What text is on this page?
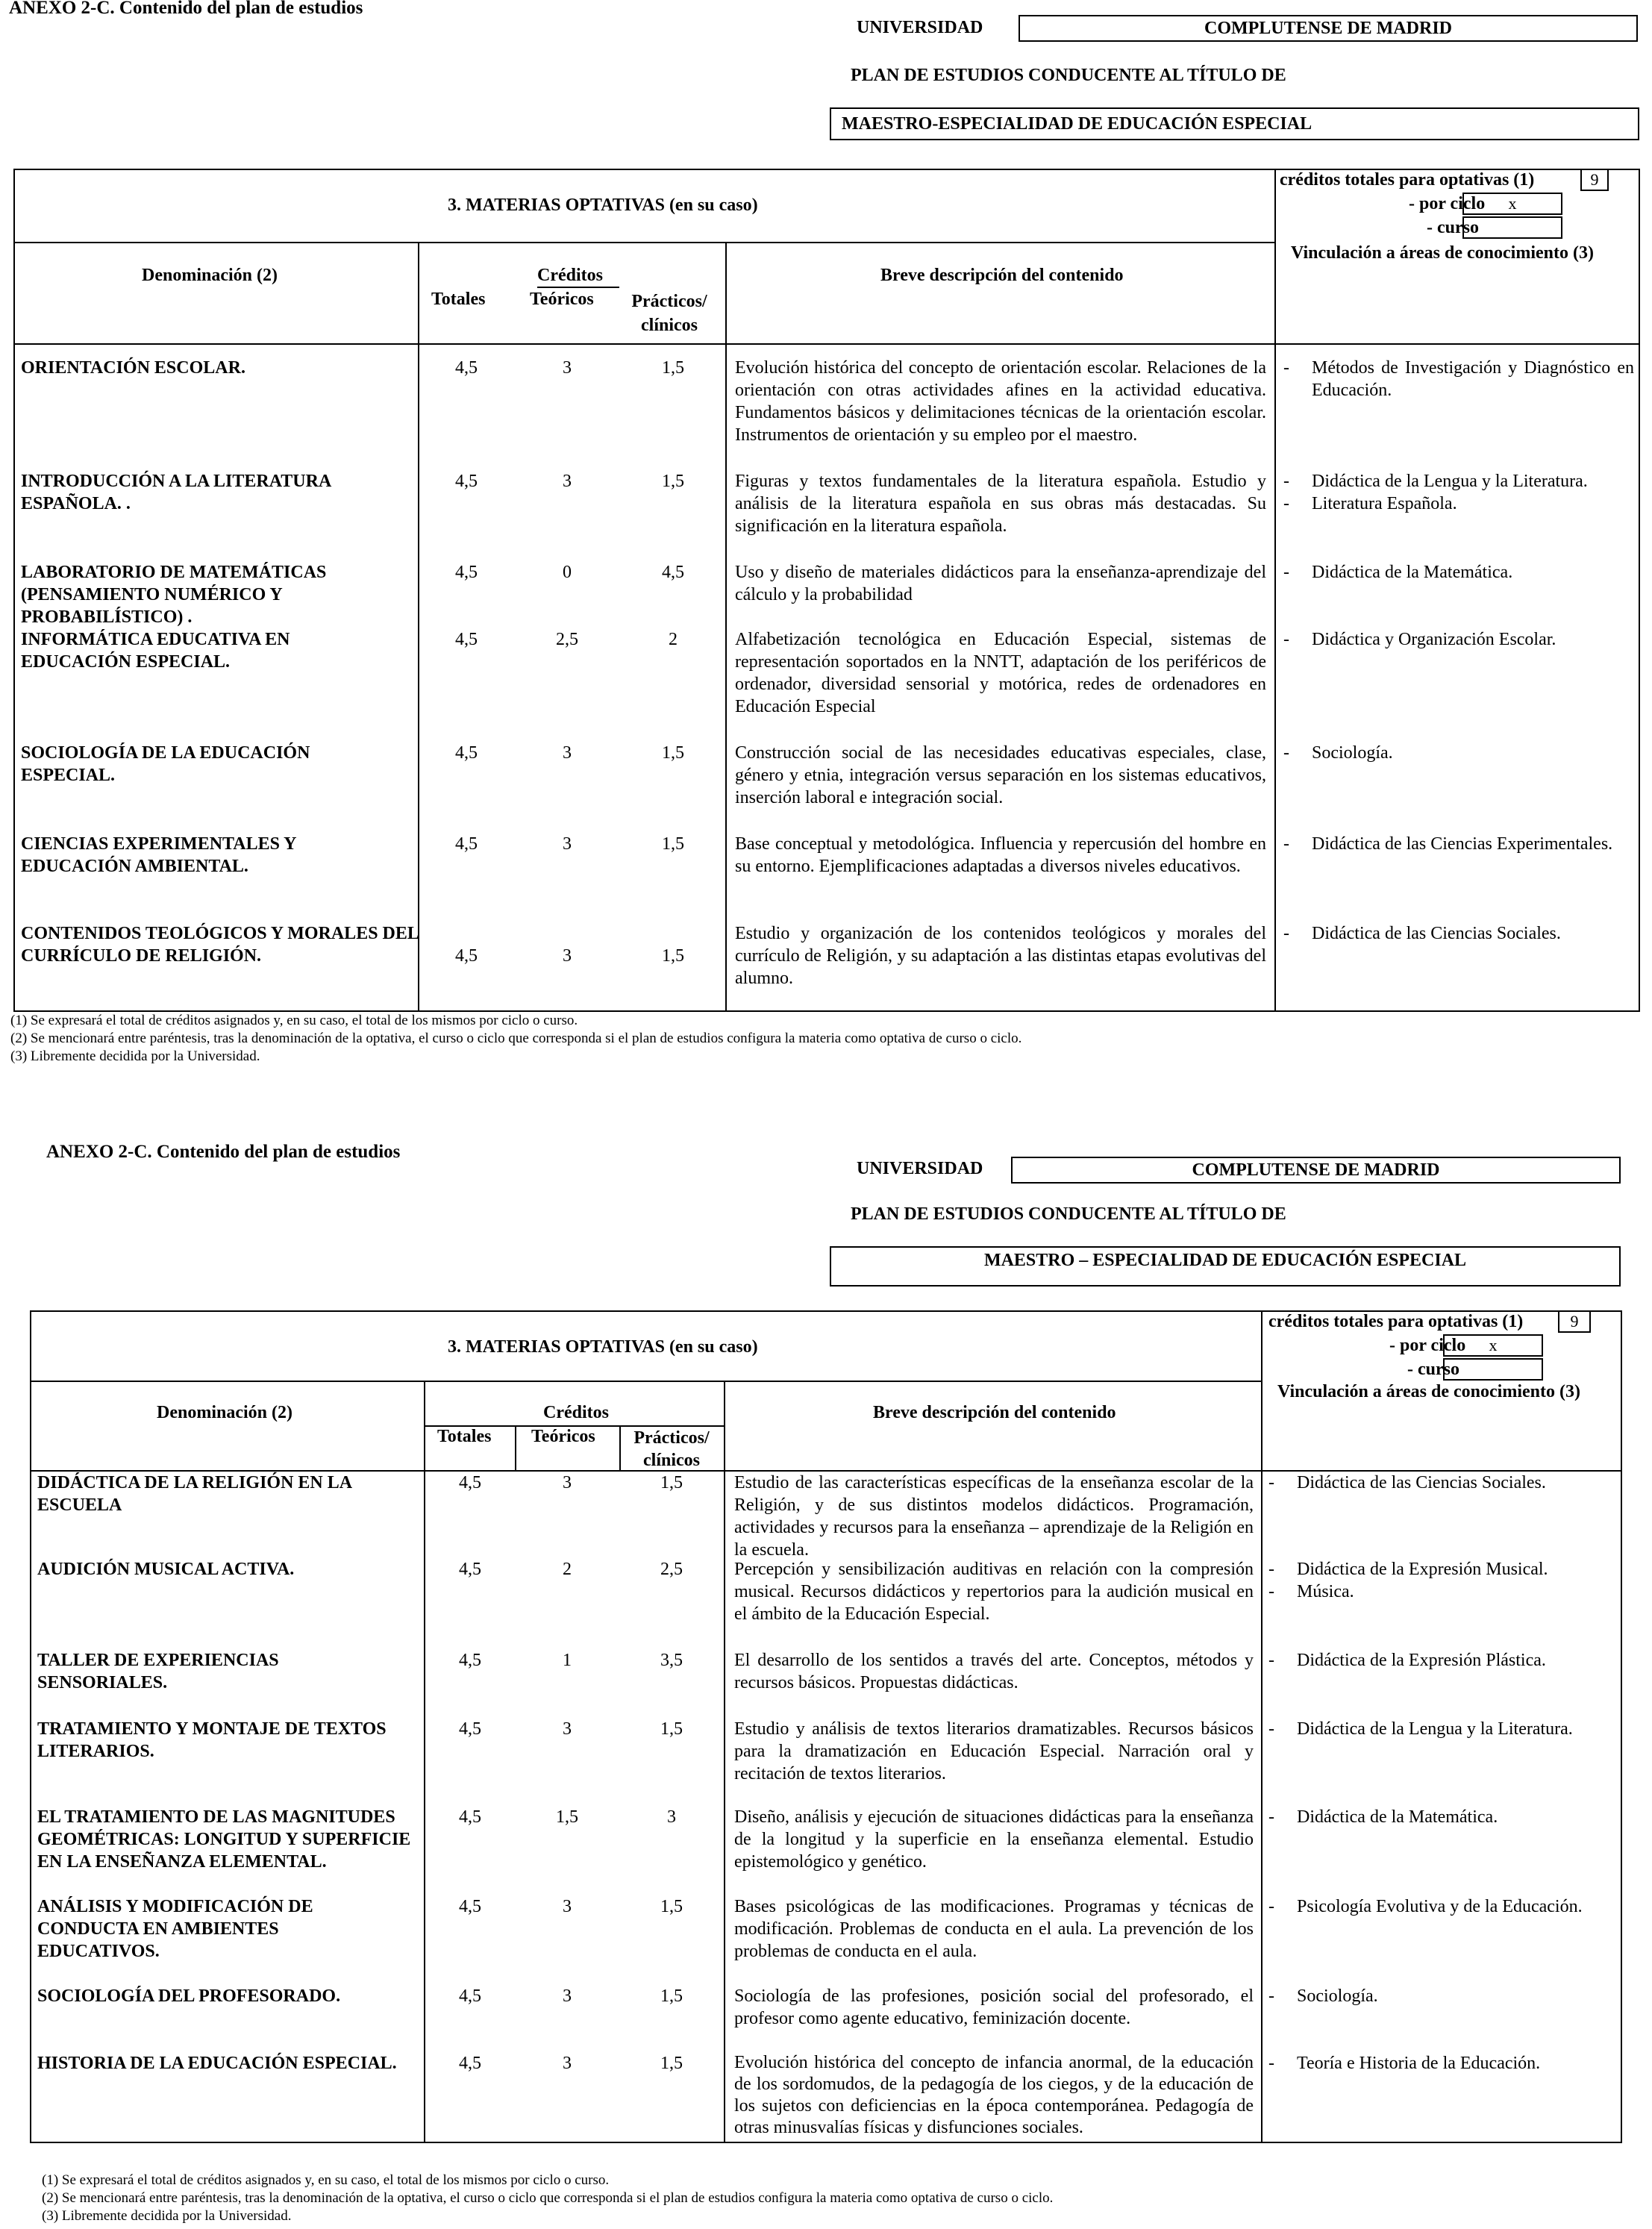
ANEXO 2-C. Contenido del plan de estudios
UNIVERSIDAD	COMPLUTENSE DE MADRID
PLAN DE ESTUDIOS CONDUCENTE AL TÍTULO DE
MAESTRO-ESPECIALIDAD DE EDUCACIÓN ESPECIAL
3. MATERIAS OPTATIVAS (en su caso)
créditos totales para optativas (1)	9
- por ciclo	x
- curso
Vinculación a áreas de conocimiento (3)
Denominación (2)	Créditos
Totales Teóricos Prácticos/ clínicos
Breve descripción del contenido
ORIENTACIÓN ESCOLAR.	4,5	3	1,5	Evolución histórica del concepto de orientación escolar. Relaciones de la orientación con otras actividades afines en la actividad educativa. Fundamentos básicos y delimitaciones técnicas de la orientación escolar. Instrumentos de orientación y su empleo por el maestro.
-	Métodos de Investigación y Diagnóstico en Educación.
INTRODUCCIÓN A LA LITERATURA ESPAÑOLA. .
4,5	3	1,5	Figuras y textos fundamentales de la literatura española. Estudio y análisis de la literatura española en sus obras más destacadas. Su significación en la literatura española.
-	Didáctica de la Lengua y la Literatura.
-	Literatura Española.
LABORATORIO DE MATEMÁTICAS (PENSAMIENTO NUMÉRICO Y PROBABILÍSTICO) .
4,5	0	4,5	Uso y diseño de materiales didácticos para la enseñanza-aprendizaje del cálculo y la probabilidad
-	Didáctica de la Matemática.
INFORMÁTICA EDUCATIVA EN EDUCACIÓN ESPECIAL.
4,5	2,5	2	Alfabetización tecnológica en Educación Especial, sistemas de representación soportados en la NNTT, adaptación de los periféricos de ordenador, diversidad sensorial y motórica, redes de ordenadores en Educación Especial
-	Didáctica y Organización Escolar.
SOCIOLOGÍA DE LA EDUCACIÓN ESPECIAL.
4,5	3	1,5	Construcción social de las necesidades educativas especiales, clase, género y etnia, integración versus separación en los sistemas educativos, inserción laboral e integración social.
-	Sociología.
CIENCIAS EXPERIMENTALES Y EDUCACIÓN AMBIENTAL.
4,5	3	1,5	Base conceptual y metodológica. Influencia y repercusión del hombre en su entorno. Ejemplificaciones adaptadas a diversos niveles educativos.
-	Didáctica de las Ciencias Experimentales.
CONTENIDOS TEOLÓGICOS Y MORALES DEL CURRÍCULO DE RELIGIÓN.	4,5	3	1,5
Estudio y organización de los contenidos teológicos y morales del currículo de Religión, y su adaptación a las distintas etapas evolutivas del alumno.
-	Didáctica de las Ciencias Sociales.
(1) Se expresará el total de créditos asignados y, en su caso, el total de los mismos por ciclo o curso.
(2) Se mencionará entre paréntesis, tras la denominación de la optativa, el curso o ciclo que corresponda si el plan de estudios configura la materia como optativa de curso o ciclo.
(3) Libremente decidida por la Universidad.
ANEXO 2-C. Contenido del plan de estudios
UNIVERSIDAD	COMPLUTENSE DE MADRID
PLAN DE ESTUDIOS CONDUCENTE AL TÍTULO DE
MAESTRO – ESPECIALIDAD DE EDUCACIÓN ESPECIAL
3. MATERIAS OPTATIVAS (en su caso)
créditos totales para optativas (1)	9
- por ciclo	x
- curso
Vinculación a áreas de conocimiento (3)
Denominación (2)	Créditos
Totales Teóricos	Prácticos/ clínicos
Breve descripción del contenido
DIDÁCTICA DE LA RELIGIÓN EN LA ESCUELA
4,5	3	1,5	Estudio de las características específicas de la enseñanza escolar de la Religión, y de sus distintos modelos didácticos. Programación, actividades y recursos para la enseñanza – aprendizaje de la Religión en la escuela.
-	Didáctica de las Ciencias Sociales.
AUDICIÓN MUSICAL ACTIVA.	4,5	2	2,5	Percepción y sensibilización auditivas en relación con la compresión musical. Recursos didácticos y repertorios para la audición musical en el ámbito de la Educación Especial.
-	Didáctica de la Expresión Musical.
-	Música.
TALLER DE EXPERIENCIAS SENSORIALES.
4,5	1	3,5	El desarrollo de los sentidos a través del arte. Conceptos, métodos y recursos básicos. Propuestas didácticas.
-	Didáctica de la Expresión Plástica.
TRATAMIENTO Y MONTAJE DE TEXTOS LITERARIOS.
4,5	3	1,5	Estudio y análisis de textos literarios dramatizables. Recursos básicos para la dramatización en Educación Especial. Narración oral y recitación de textos literarios.
-	Didáctica de la Lengua y la Literatura.
EL TRATAMIENTO DE LAS MAGNITUDES GEOMÉTRICAS: LONGITUD Y SUPERFICIE EN LA ENSEÑANZA ELEMENTAL.
4,5	1,5	3	Diseño, análisis y ejecución de situaciones didácticas para la enseñanza de la longitud y la superficie en la enseñanza elemental. Estudio epistemológico y genético.
-	Didáctica de la Matemática.
ANÁLISIS Y MODIFICACIÓN DE CONDUCTA EN AMBIENTES EDUCATIVOS.
4,5	3	1,5	Bases psicológicas de las modificaciones. Programas y técnicas de modificación. Problemas de conducta en el aula. La prevención de los problemas de conducta en el aula.
-	Psicología Evolutiva y de la Educación.
SOCIOLOGÍA DEL PROFESORADO.	4,5	3	1,5	Sociología de las profesiones, posición social del profesorado, el profesor como agente educativo, feminización docente.
-	Sociología.
HISTORIA DE LA EDUCACIÓN ESPECIAL.	4,5	3	1,5	Evolución histórica del concepto de infancia anormal, de la educación de los sordomudos, de la pedagogía de los ciegos, y de la educación de los sujetos con deficiencias en la época contemporánea. Pedagogía de otras minusvalías físicas y disfunciones sociales.
-	Teoría e Historia de la Educación.
(1) Se expresará el total de créditos asignados y, en su caso, el total de los mismos por ciclo o curso.
(2) Se mencionará entre paréntesis, tras la denominación de la optativa, el curso o ciclo que corresponda si el plan de estudios configura la materia como optativa de curso o ciclo.
(3) Libremente decidida por la Universidad.
